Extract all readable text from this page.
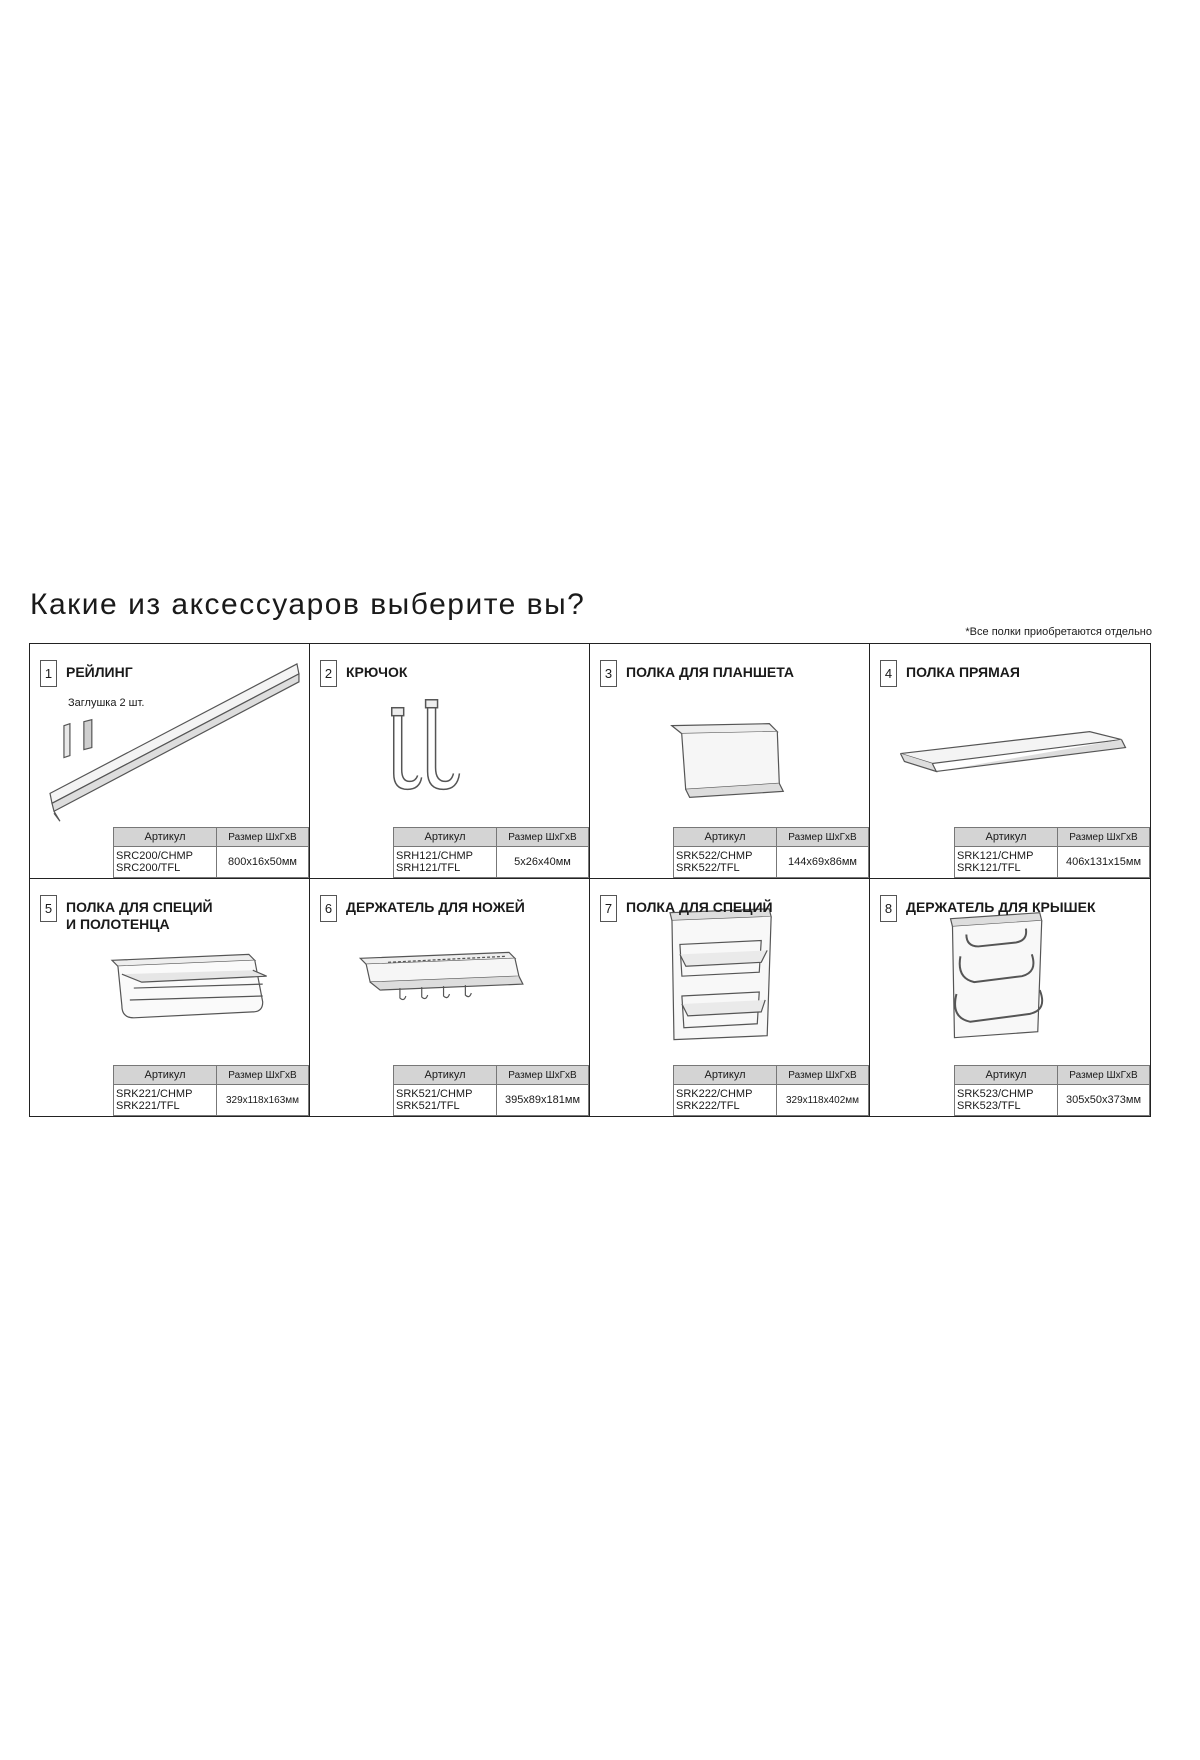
Какие из аксессуаров выберите вы?
*Все полки приобретаются отдельно
1 РЕЙЛИНГ
Заглушка 2 шт.
Артикул	Размер ШхГхВ

SRC200/CHMP
SRC200/TFL	800x16x50мм
2 КРЮЧОК
Артикул	Размер ШхГхВ

SRH121/CHMP
SRH121/TFL	5x26x40мм
3 ПОЛКА ДЛЯ ПЛАНШЕТА
Артикул	Размер ШхГхВ

SRK522/CHMP
SRK522/TFL	144x69x86мм
4 ПОЛКА ПРЯМАЯ
Артикул	Размер ШхГхВ

SRK121/CHMP
SRK121/TFL	406x131x15мм
5 ПОЛКА ДЛЯ СПЕЦИЙ
И ПОЛОТЕНЦА
Артикул	Размер ШхГхВ

SRK221/CHMP
SRK221/TFL	329x118x163мм
6 ДЕРЖАТЕЛЬ ДЛЯ НОЖЕЙ
Артикул	Размер ШхГхВ

SRK521/CHMP
SRK521/TFL	395x89x181мм
7 ПОЛКА ДЛЯ СПЕЦИЙ
Артикул	Размер ШхГхВ

SRK222/CHMP
SRK222/TFL	329x118x402мм
8 ДЕРЖАТЕЛЬ ДЛЯ КРЫШЕК
Артикул	Размер ШхГхВ

SRK523/CHMP
SRK523/TFL	305x50x373мм
